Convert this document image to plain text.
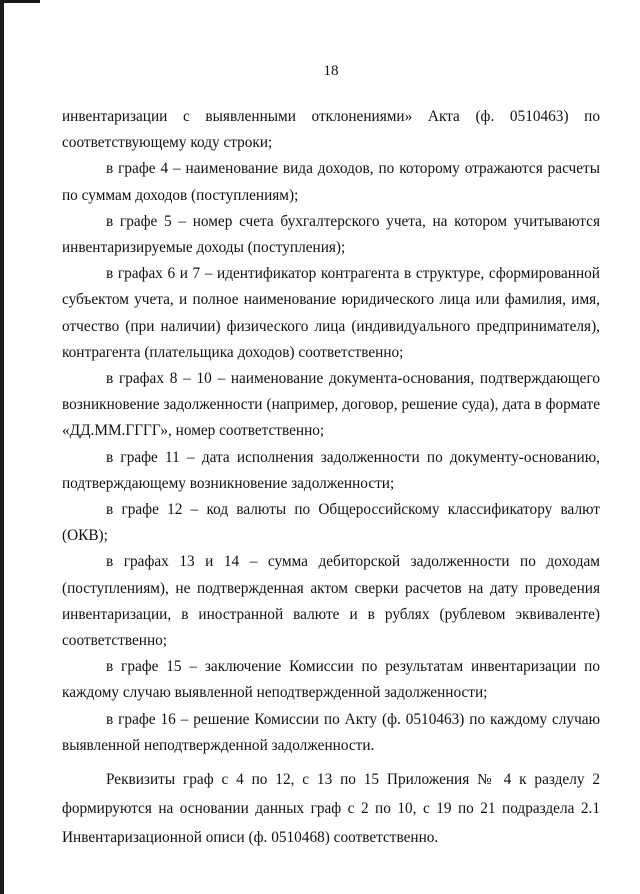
18

инвентаризации с выявленными отклонениями» Акта (ф. 0510463) по соответствующему коду строки;

в графе 4 – наименование вида доходов, по которому отражаются расчеты по суммам доходов (поступлениям);

в графе 5 – номер счета бухгалтерского учета, на котором учитываются инвентаризируемые доходы (поступления);

в графах 6 и 7 – идентификатор контрагента в структуре, сформированной субъектом учета, и полное наименование юридического лица или фамилия, имя, отчество (при наличии) физического лица (индивидуального предпринимателя), контрагента (плательщика доходов) соответственно;

в графах 8 – 10 – наименование документа-основания, подтверждающего возникновение задолженности (например, договор, решение суда), дата в формате «ДД.ММ.ГГГГ», номер соответственно;

в графе 11 – дата исполнения задолженности по документу-основанию, подтверждающему возникновение задолженности;

в графе 12 – код валюты по Общероссийскому классификатору валют (ОКВ);

в графах 13 и 14 – сумма дебиторской задолженности по доходам (поступлениям), не подтвержденная актом сверки расчетов на дату проведения инвентаризации, в иностранной валюте и в рублях (рублевом эквиваленте) соответственно;

в графе 15 – заключение Комиссии по результатам инвентаризации по каждому случаю выявленной неподтвержденной задолженности;

в графе 16 – решение Комиссии по Акту (ф. 0510463) по каждому случаю выявленной неподтвержденной задолженности.

Реквизиты граф с 4 по 12, с 13 по 15 Приложения № 4 к разделу 2 формируются на основании данных граф с 2 по 10, с 19 по 21 подраздела 2.1 Инвентаризационной описи (ф. 0510468) соответственно.
